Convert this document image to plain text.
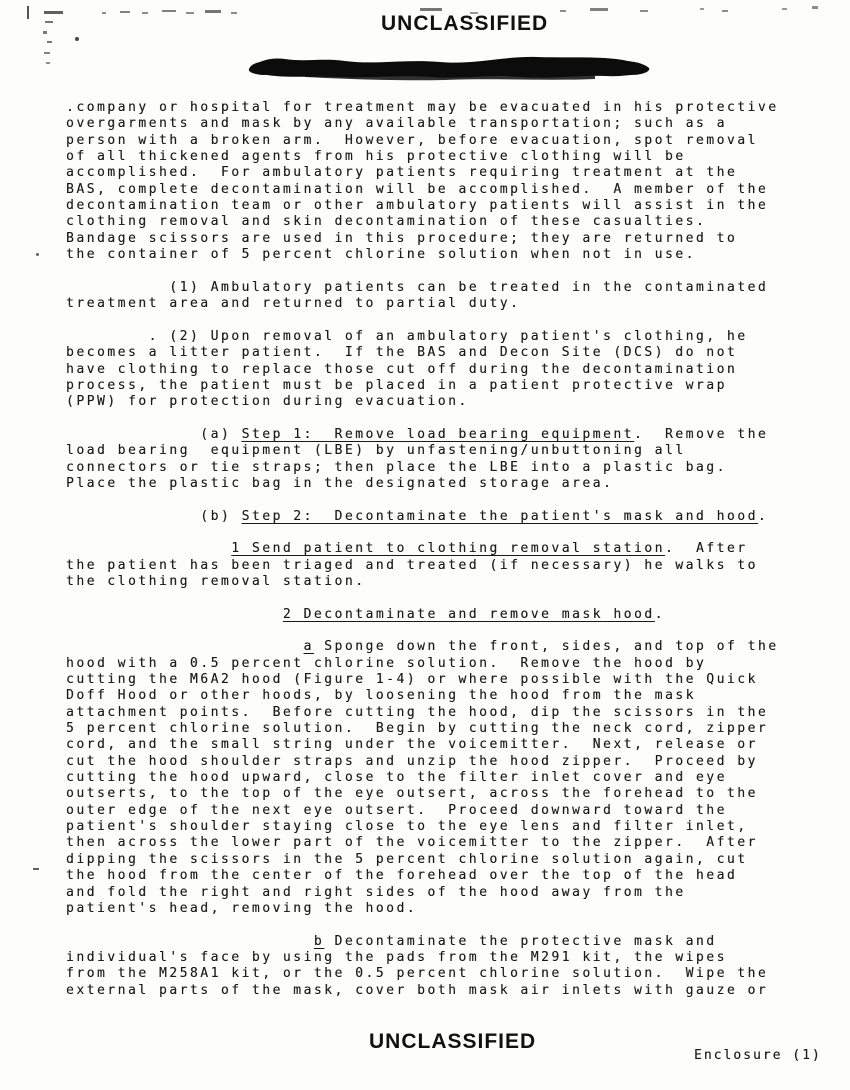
UNCLASSIFIED
.company or hospital for treatment may be evacuated in his protective
overgarments and mask by any available transportation; such as a
person with a broken arm.  However, before evacuation, spot removal
of all thickened agents from his protective clothing will be
accomplished.  For ambulatory patients requiring treatment at the
BAS, complete decontamination will be accomplished.  A member of the
decontamination team or other ambulatory patients will assist in the
clothing removal and skin decontamination of these casualties.
Bandage scissors are used in this procedure; they are returned to
the container of 5 percent chlorine solution when not in use.
(1) Ambulatory patients can be treated in the contaminated
treatment area and returned to partial duty.
. (2) Upon removal of an ambulatory patient's clothing, he
becomes a litter patient.  If the BAS and Decon Site (DCS) do not
have clothing to replace those cut off during the decontamination
process, the patient must be placed in a patient protective wrap
(PPW) for protection during evacuation.
(a) Step 1:  Remove load bearing equipment.  Remove the
load bearing  equipment (LBE) by unfastening/unbuttoning all
connectors or tie straps; then place the LBE into a plastic bag.
Place the plastic bag in the designated storage area.
(b) Step 2:  Decontaminate the patient's mask and hood.
1 Send patient to clothing removal station.  After
the patient has been triaged and treated (if necessary) he walks to
the clothing removal station.
2 Decontaminate and remove mask hood.
a Sponge down the front, sides, and top of the
hood with a 0.5 percent chlorine solution.  Remove the hood by
cutting the M6A2 hood (Figure 1-4) or where possible with the Quick
Doff Hood or other hoods, by loosening the hood from the mask
attachment points.  Before cutting the hood, dip the scissors in the
5 percent chlorine solution.  Begin by cutting the neck cord, zipper
cord, and the small string under the voicemitter.  Next, release or
cut the hood shoulder straps and unzip the hood zipper.  Proceed by
cutting the hood upward, close to the filter inlet cover and eye
outserts, to the top of the eye outsert, across the forehead to the
outer edge of the next eye outsert.  Proceed downward toward the
patient's shoulder staying close to the eye lens and filter inlet,
then across the lower part of the voicemitter to the zipper.  After
dipping the scissors in the 5 percent chlorine solution again, cut
the hood from the center of the forehead over the top of the head
and fold the right and right sides of the hood away from the
patient's head, removing the hood.
b Decontaminate the protective mask and
individual's face by using the pads from the M291 kit, the wipes
from the M258A1 kit, or the 0.5 percent chlorine solution.  Wipe the
external parts of the mask, cover both mask air inlets with gauze or
UNCLASSIFIED
Enclosure (1)
